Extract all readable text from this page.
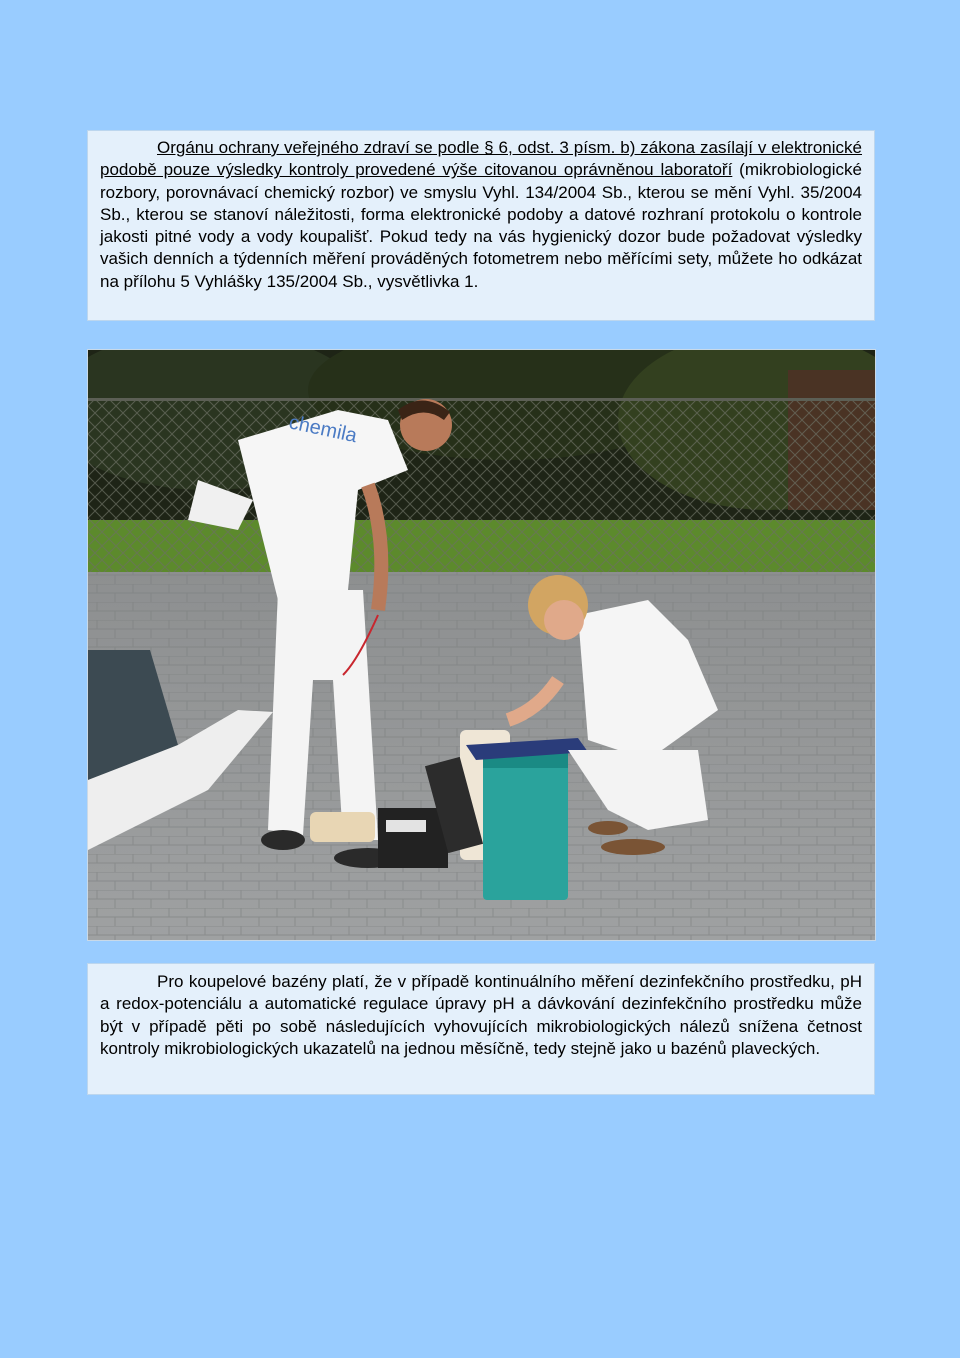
Orgánu ochrany veřejného zdraví se podle § 6, odst. 3 písm. b) zákona zasílají v elektronické podobě pouze výsledky kontroly provedené výše citovanou oprávněnou laboratoří (mikrobiologické rozbory, porovnávací chemický rozbor) ve smyslu Vyhl. 134/2004 Sb., kterou se mění Vyhl. 35/2004 Sb., kterou se stanoví náležitosti, forma elektronické podoby a datové rozhraní protokolu o kontrole jakosti pitné vody a vody koupališť. Pokud tedy na vás hygienický dozor bude požadovat výsledky vašich denních a týdenních měření prováděných fotometrem nebo měřícími sety, můžete ho odkázat na přílohu 5 Vyhlášky 135/2004 Sb., vysvětlivka 1.
chemila
Pro koupelové bazény platí, že v případě kontinuálního měření dezinfekčního prostředku, pH a redox-potenciálu a automatické regulace úpravy pH a dávkování dezinfekčního prostředku může být v případě pěti po sobě následujících vyhovujících mikrobiologických nálezů snížena četnost kontroly mikrobiologických ukazatelů na jednou měsíčně, tedy stejně jako u bazénů plaveckých.
